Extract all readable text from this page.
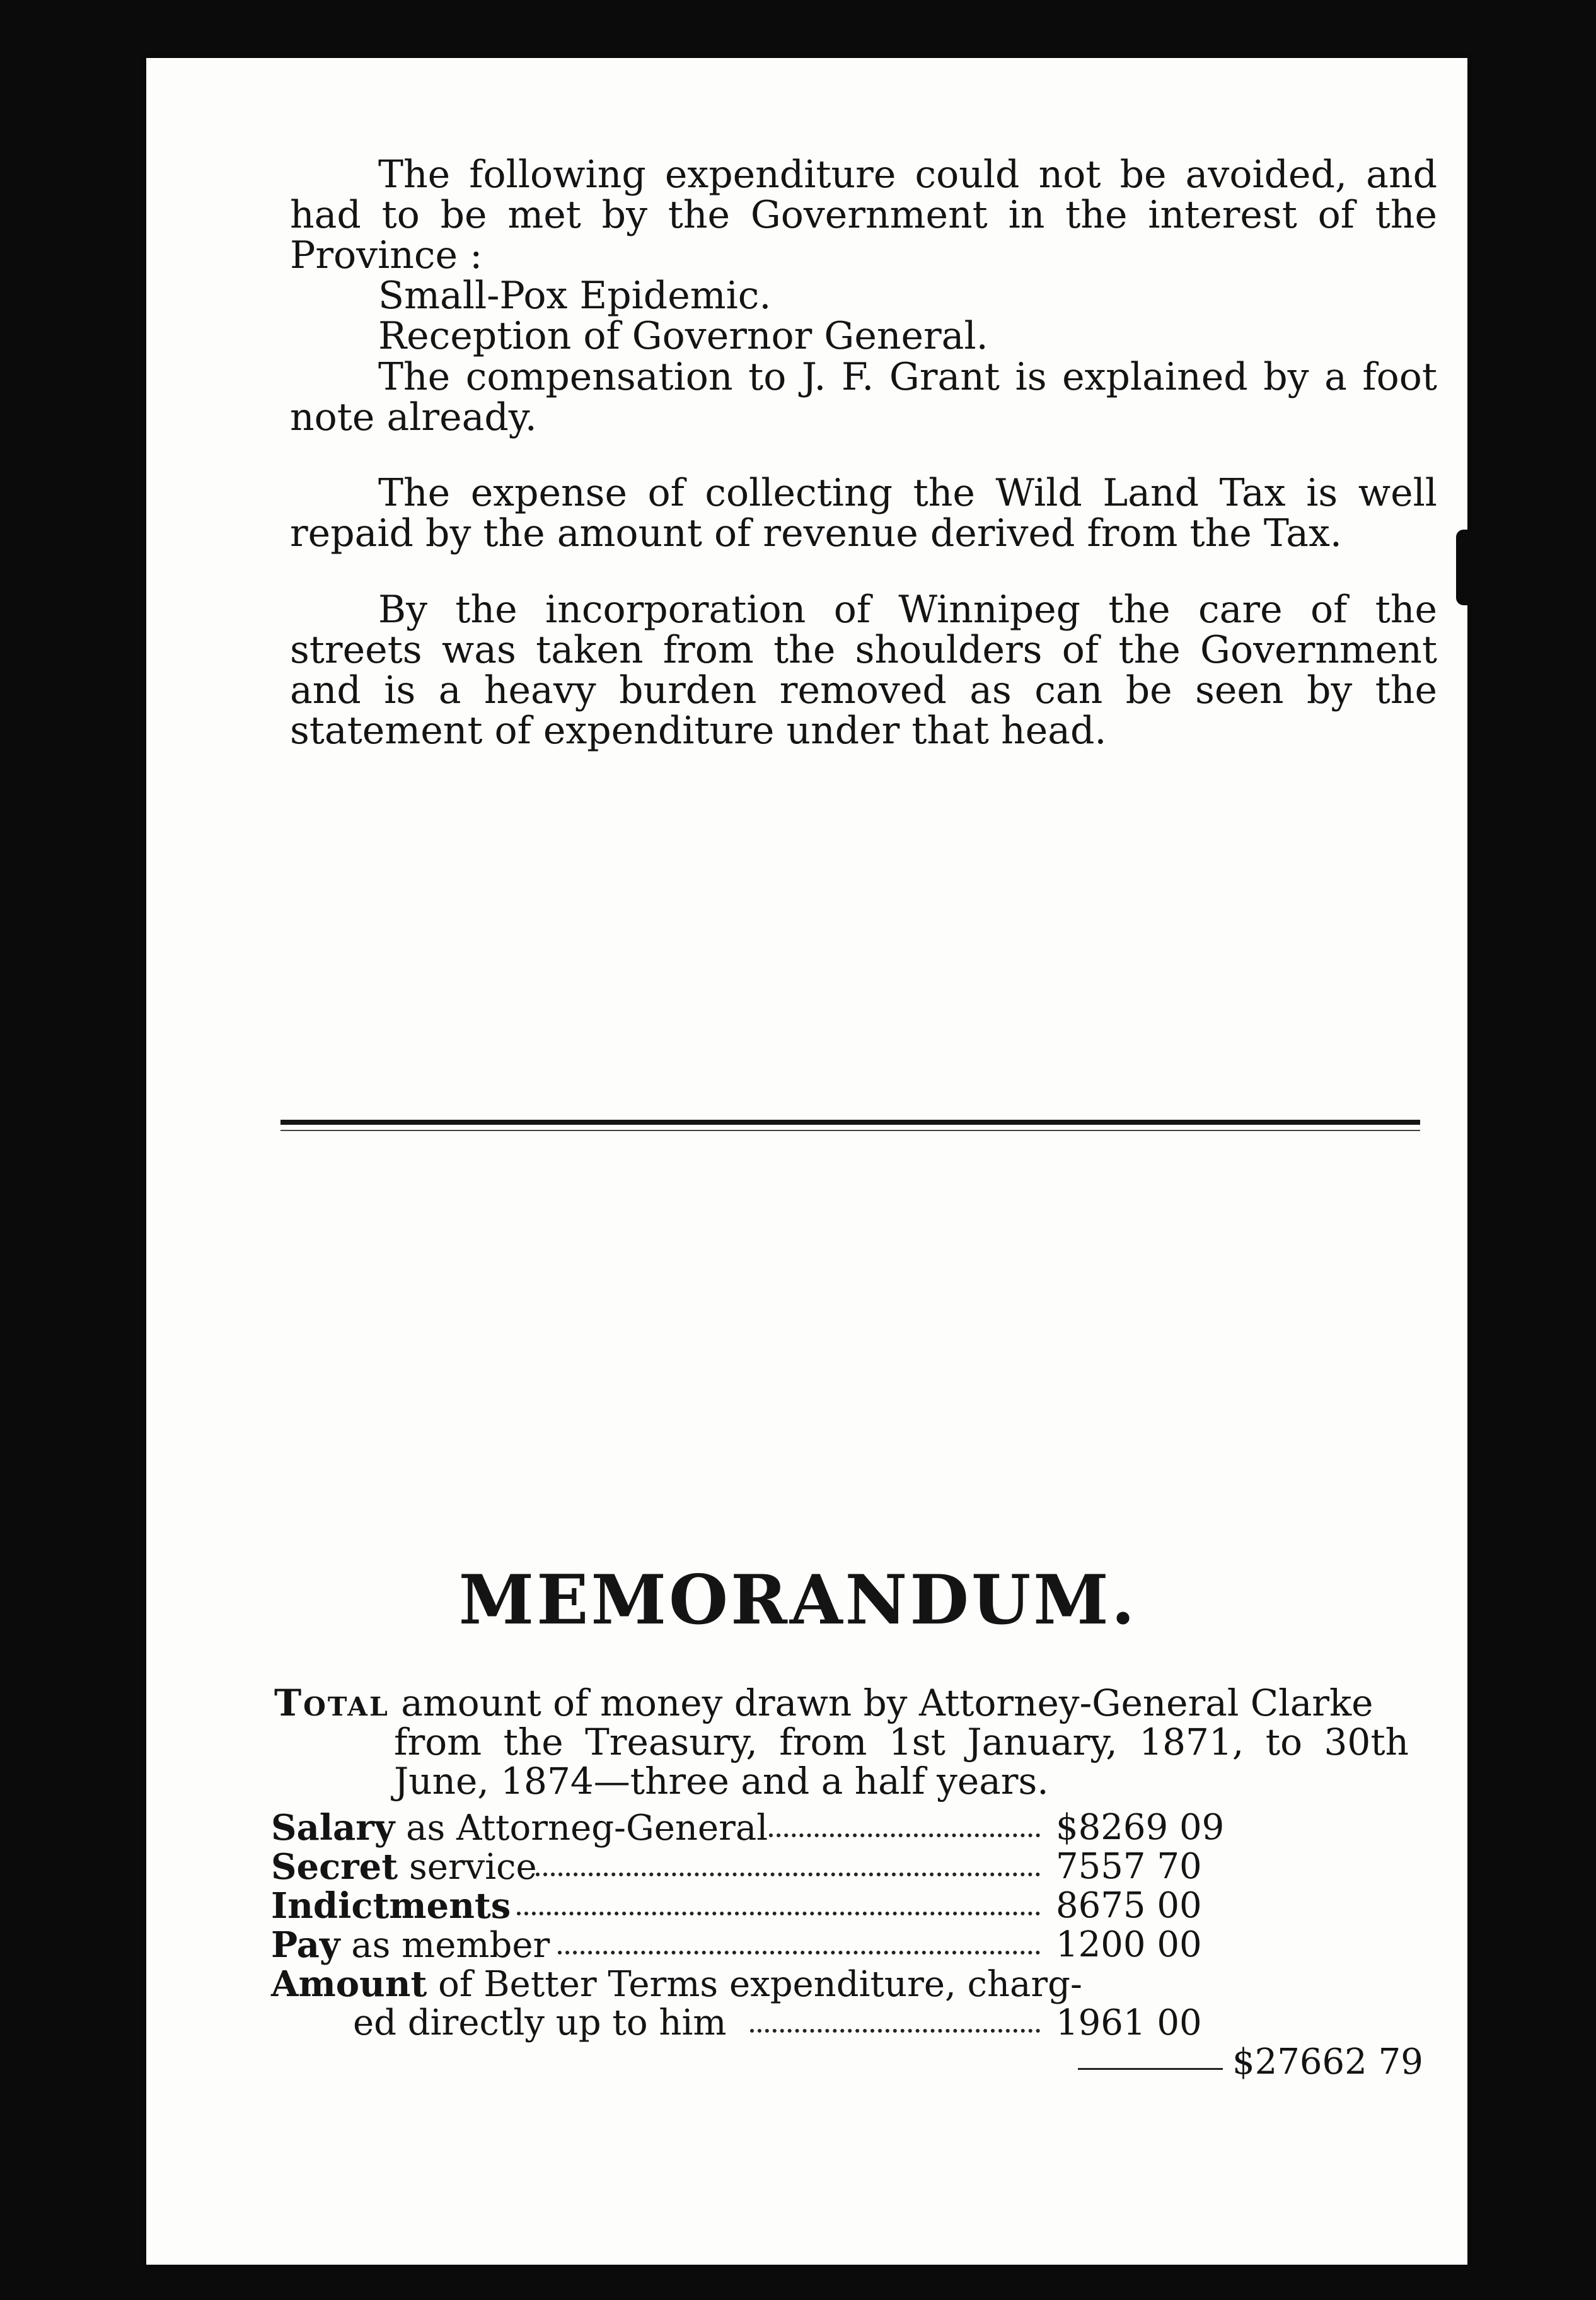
The following expenditure could not be avoided, and had to be met by the Government in the interest of the Province :

Small-Pox Epidemic.
Reception of Governor General.

The compensation to J. F. Grant is explained by a foot note already.

The expense of collecting the Wild Land Tax is well repaid by the amount of revenue derived from the Tax.

By the incorporation of Winnipeg the care of the streets was taken from the shoulders of the Government and is a heavy burden removed as can be seen by the statement of expenditure under that head.

MEMORANDUM.
Total amount of money drawn by Attorney-General Clarke
from the Treasury, from 1st January, 1871, to 30th June, 1874—three and a half years.
Salary as Attorneg-General	$8269 09
Secret service	7557 70
Indictments	8675 00
Pay as member	1200 00
Amount of Better Terms expenditure, charg-
ed directly up to him	1961 00
$27662 79
